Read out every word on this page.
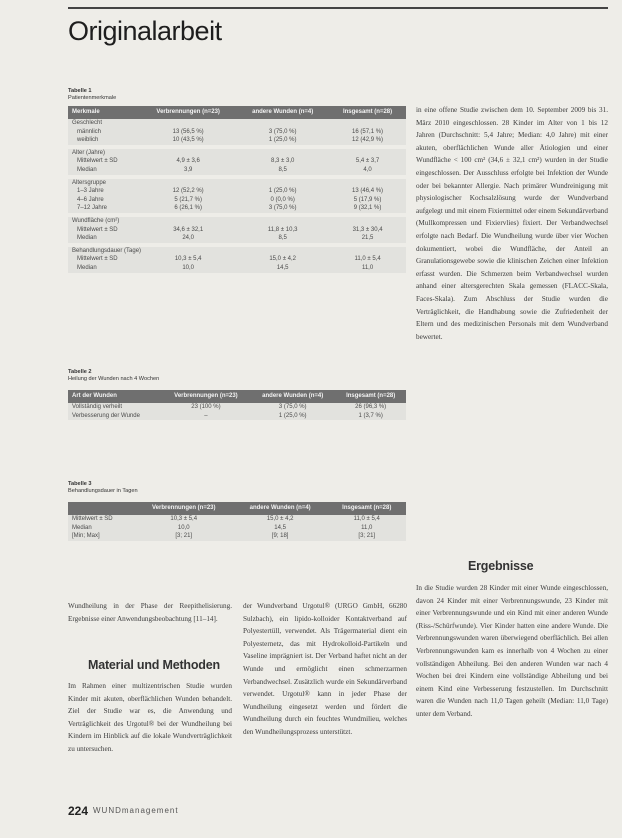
Originalarbeit
Tabelle 1
Patientenmerkmale
Merkmale	Verbrennungen (n=23)	andere Wunden (n=4)	Insgesamt (n=28)
Geschlecht			
männlich	13 (56,5 %)	3 (75,0 %)	16 (57,1 %)
weiblich	10 (43,5 %)	1 (25,0 %)	12 (42,9 %)

Alter (Jahre)			
Mittelwert ± SD	4,9 ± 3,6	8,3 ± 3,0	5,4 ± 3,7
Median	3,9	8,5	4,0

Altersgruppe			
1–3 Jahre	12 (52,2 %)	1 (25,0 %)	13 (46,4 %)
4–6 Jahre	5 (21,7 %)	0 (0,0 %)	5 (17,9 %)
7–12 Jahre	6 (26,1 %)	3 (75,0 %)	9 (32,1 %)

Wundfläche (cm²)			
Mittelwert ± SD	34,6 ± 32,1	11,8 ± 10,3	31,3 ± 30,4
Median	24,0	8,5	21,5

Behandlungsdauer (Tage)			
Mittelwert ± SD	10,3 ± 5,4	15,0 ± 4,2	11,0 ± 5,4
Median	10,0	14,5	11,0

Tabelle 2
Heilung der Wunden nach 4 Wochen
Art der Wunden	Verbrennungen (n=23)	andere Wunden (n=4)	Insgesamt (n=28)
Vollständig verheilt	23 (100 %)	3 (75,0 %)	26 (96,3 %)
Verbesserung der Wunde	–	1 (25,0 %)	1 (3,7 %)
Tabelle 3
Behandlungsdauer in Tagen
	Verbrennungen (n=23)	andere Wunden (n=4)	Insgesamt (n=28)
Mittelwert ± SD	10,3 ± 5,4	15,0 ± 4,2	11,0 ± 5,4
Median	10,0	14,5	11,0
[Min; Max]	[3; 21]	[9; 18]	[3; 21]

in eine offene Studie zwischen dem 10. September 2009 bis 31. März 2010 eingeschlossen. 28 Kinder im Alter von 1 bis 12 Jahren (Durchschnitt: 5,4 Jahre; Median: 4,0 Jahre) mit einer akuten, oberflächlichen Wunde aller Ätiologien und einer Wundfläche < 100 cm² (34,6 ± 32,1 cm²) wurden in der Studie eingeschlossen. Der Ausschluss erfolgte bei Infektion der Wunde oder bei bekannter Allergie. Nach primärer Wundreinigung mit physiologischer Kochsalzlösung wurde der Wundverband aufgelegt und mit einem Fixiermittel oder einem Sekundärverband (Mullkompressen und Fixiervlies) fixiert. Der Verbandwechsel erfolgte nach Bedarf. Die Wundheilung wurde über vier Wochen dokumentiert, wobei die Wundfläche, der Anteil an Granulationsgewebe sowie die klinischen Zeichen einer Infektion erfasst wurden. Die Schmerzen beim Verbandwechsel wurden anhand einer altersgerechten Skala gemessen (FLACC-Skala, Faces-Skala). Zum Abschluss der Studie wurden die Verträglichkeit, die Handhabung sowie die Zufriedenheit der Eltern und des medizinischen Personals mit dem Wundverband bewertet.

Ergebnisse

In die Studie wurden 28 Kinder mit einer Wunde eingeschlossen, davon 24 Kinder mit einer Verbrennungswunde, 23 Kinder mit einer Verbrennungswunde und ein Kind mit einer anderen Wunde (Riss-/Schürfwunde). Vier Kinder hatten eine andere Wunde. Die Verbrennungswunden waren überwiegend oberflächlich. Bei allen Verbrennungswunden kam es innerhalb von 4 Wochen zu einer vollständigen Abheilung. Bei den anderen Wunden war nach 4 Wochen bei drei Kindern eine vollständige Abheilung und bei einem Kind eine Verbesserung festzustellen. Im Durchschnitt waren die Wunden nach 11,0 Tagen geheilt (Median: 11,0 Tage) unter dem Verband.

Wundheilung in der Phase der Reepithelisierung. Ergebnisse einer Anwendungsbeobachtung [11–14].

Material und Methoden

Im Rahmen einer multizentrischen Studie wurden Kinder mit akuten, oberflächlichen Wunden behandelt. Ziel der Studie war es, die Anwendung und Verträglichkeit des Urgotul® bei der Wundheilung bei Kindern im Hinblick auf die lokale Wundverträglichkeit zu untersuchen.

der Wundverband Urgotul® (URGO GmbH, 66280 Sulzbach), ein lipido-kolloider Kontaktverband auf Polyestertüll, verwendet. Als Trägermaterial dient ein Polyesternetz, das mit Hydrokolloid-Partikeln und Vaseline imprägniert ist. Der Verband haftet nicht an der Wunde und ermöglicht einen schmerzarmen Verbandwechsel. Zusätzlich wurde ein Sekundärverband verwendet. Urgotul® kann in jeder Phase der Wundheilung eingesetzt werden und fördert die Wundheilung durch ein feuchtes Wundmilieu, welches den Wundheilungsprozess unterstützt.

224 WUNDmanagement
